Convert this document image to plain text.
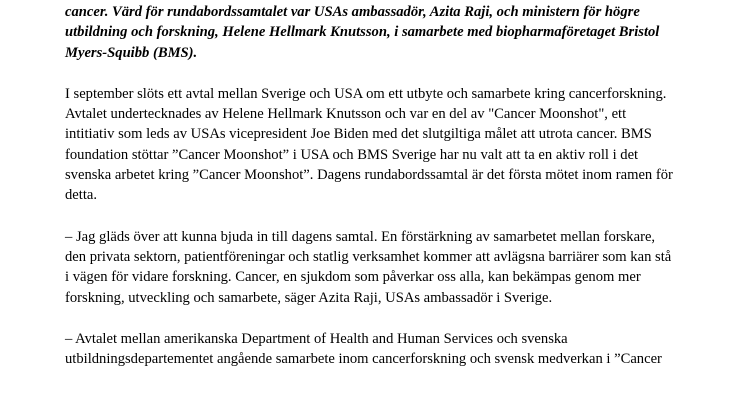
cancer. Värd för rundabordssamtalet var USAs ambassadör, Azita Raji, och ministern för högre
utbildning och forskning, Helene Hellmark Knutsson, i samarbete med biopharmaföretaget Bristol
Myers-Squibb (BMS).

I september slöts ett avtal mellan Sverige och USA om ett utbyte och samarbete kring cancerforskning.
Avtalet undertecknades av Helene Hellmark Knutsson och var en del av "Cancer Moonshot", ett
intitiativ som leds av USAs vicepresident Joe Biden med det slutgiltiga målet att utrota cancer. BMS
foundation stöttar ”Cancer Moonshot” i USA och BMS Sverige har nu valt att ta en aktiv roll i det
svenska arbetet kring ”Cancer Moonshot”. Dagens rundabordssamtal är det första mötet inom ramen för
detta.

– Jag gläds över att kunna bjuda in till dagens samtal. En förstärkning av samarbetet mellan forskare,
den privata sektorn, patientföreningar och statlig verksamhet kommer att avlägsna barriärer som kan stå
i vägen för vidare forskning. Cancer, en sjukdom som påverkar oss alla, kan bekämpas genom mer
forskning, utveckling och samarbete, säger Azita Raji, USAs ambassadör i Sverige.

– Avtalet mellan amerikanska Department of Health and Human Services och svenska
utbildningsdepartementet angående samarbete inom cancerforskning och svensk medverkan i ”Cancer
